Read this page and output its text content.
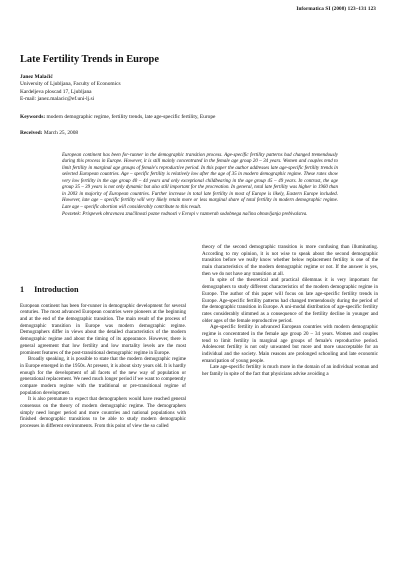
Informatica SI (2008) 123–131 123
Late Fertility Trends in Europe
Janez Malačič
University of Ljubljana, Faculty of Economics
Kardeljeva ploscad 17, Ljubljana
E-mail: janez.malacic@ef.uni-lj.si
Keywords: modern demographic regime, fertility trends, late age-specific fertility, Europe
Received: March 25, 2008

European continent has been for-runner in the demographic transition process. Age-specific fertility patterns had changed tremendously during this process in Europe. However, it is still mainly concentrated in the female age group 20 – 34 years. Women and couples tend to limit fertility in marginal age groups of female's reproductive period. In this paper the author addresses late age-specific fertility trends in selected European countries. Age – specific fertility is relatively low after the age of 35 in modern demographic regime. These rates show very low fertility in the age group 40 – 44 years and only exceptional childbearing in the age group 45 – 49 years. In contrast, the age group 35 – 39 years is not only dynamic but also still important for the procreation. In general, total late fertility was higher in 1960 than in 2003 in majority of European countries. Further increase in total late fertility in most of Europe is likely, Eastern Europe included. However, late age – specific fertility will very likely retain more or less marginal share of total fertility in modern demographic regime. Late age – specific abortion will considerably contribute to this result.

Povzetek: Prispevek obravnava značilnosti pozne rodnosti v Evropi v razmerah sodobnega načina obnavljanja prebivalstva.

1 Introduction

European continent has been for-runner in demographic development for several centuries. The most advanced European countries were pioneers at the beginning and at the end of the demographic transition. The main result of the process of demographic transition in Europe was modern demographic regime. Demographers differ in views about the detailed characteristics of the modern demographic regime and about the timing of its appearance. However, there is general agreement that low fertility and low mortality levels are the most prominent features of the post-transitional demographic regime in Europe.

Broadly speaking, it is possible to state that the modern demographic regime in Europe emerged in the 1950s. At present, it is about sixty years old. It is hardly enough for the development of all facets of the new way of population or generational replacement. We need much longer period if we want to competently compare modern regime with the traditional or pre-transitional regime of population development.

It is also premature to expect that demographers would have reached general consensus on the theory of modern demographic regime. The demographers simply need longer period and more countries and national populations with finished demographic transitions to be able to study modern demographic processes in different environments. From this point of view the so called

theory of the second demographic transition is more confusing than illuminating. According to my opinion, it is not wise to speak about the second demographic transition before we really know whether below replacement fertility is one of the main characteristics of the modern demographic regime or not. If the answer is yes, then we do not have any transition at all.

In spite of the theoretical and practical dilemmas it is very important for demographers to study different characteristics of the modern demographic regime in Europe. The author of this paper will focus on late age-specific fertility trends in Europe. Age-specific fertility patterns had changed tremendously during the period of the demographic transition in Europe. A uni-modal distribution of age-specific fertility rates considerably slimmed as a consequence of the fertility decline in younger and older ages of the female reproductive period.

Age-specific fertility in advanced European countries with modern demographic regime is concentrated in the female age group 20 – 34 years. Women and couples tend to limit fertility in marginal age groups of female's reproductive period. Adolescent fertility is not only unwanted but more and more unacceptable for an individual and the society. Main reasons are prolonged schooling and late economic emancipation of young people.

Late age-specific fertility is much more in the domain of an individual woman and her family in spite of the fact that physicians advise avoiding a
